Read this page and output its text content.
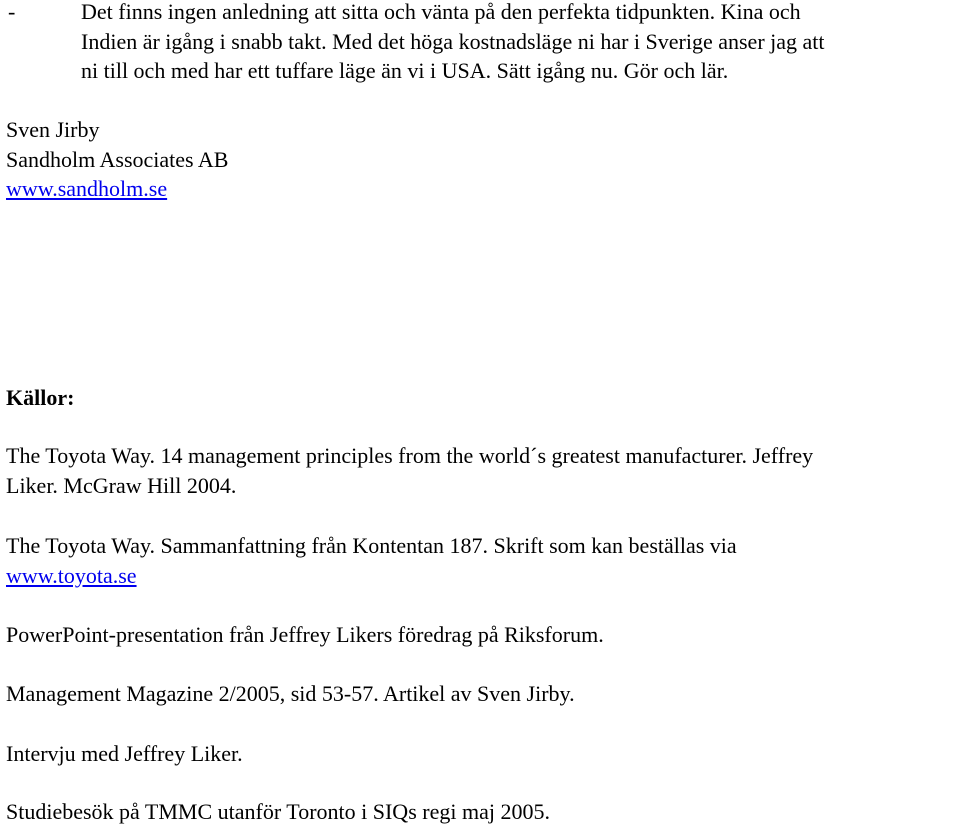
-	Det finns ingen anledning att sitta och vänta på den perfekta tidpunkten. Kina och
Indien är igång i snabb takt. Med det höga kostnadsläge ni har i Sverige anser jag att
ni till och med har ett tuffare läge än vi i USA. Sätt igång nu. Gör och lär.
Sven Jirby
Sandholm Associates AB
www.sandholm.se
Källor:
The Toyota Way. 14 management principles from the world´s greatest manufacturer. Jeffrey
Liker. McGraw Hill 2004.
The Toyota Way. Sammanfattning från Kontentan 187. Skrift som kan beställas via
www.toyota.se
PowerPoint-presentation från Jeffrey Likers föredrag på Riksforum.
Management Magazine 2/2005, sid 53-57. Artikel av Sven Jirby.
Intervju med Jeffrey Liker.
Studiebesök på TMMC utanför Toronto i SIQs regi maj 2005.
